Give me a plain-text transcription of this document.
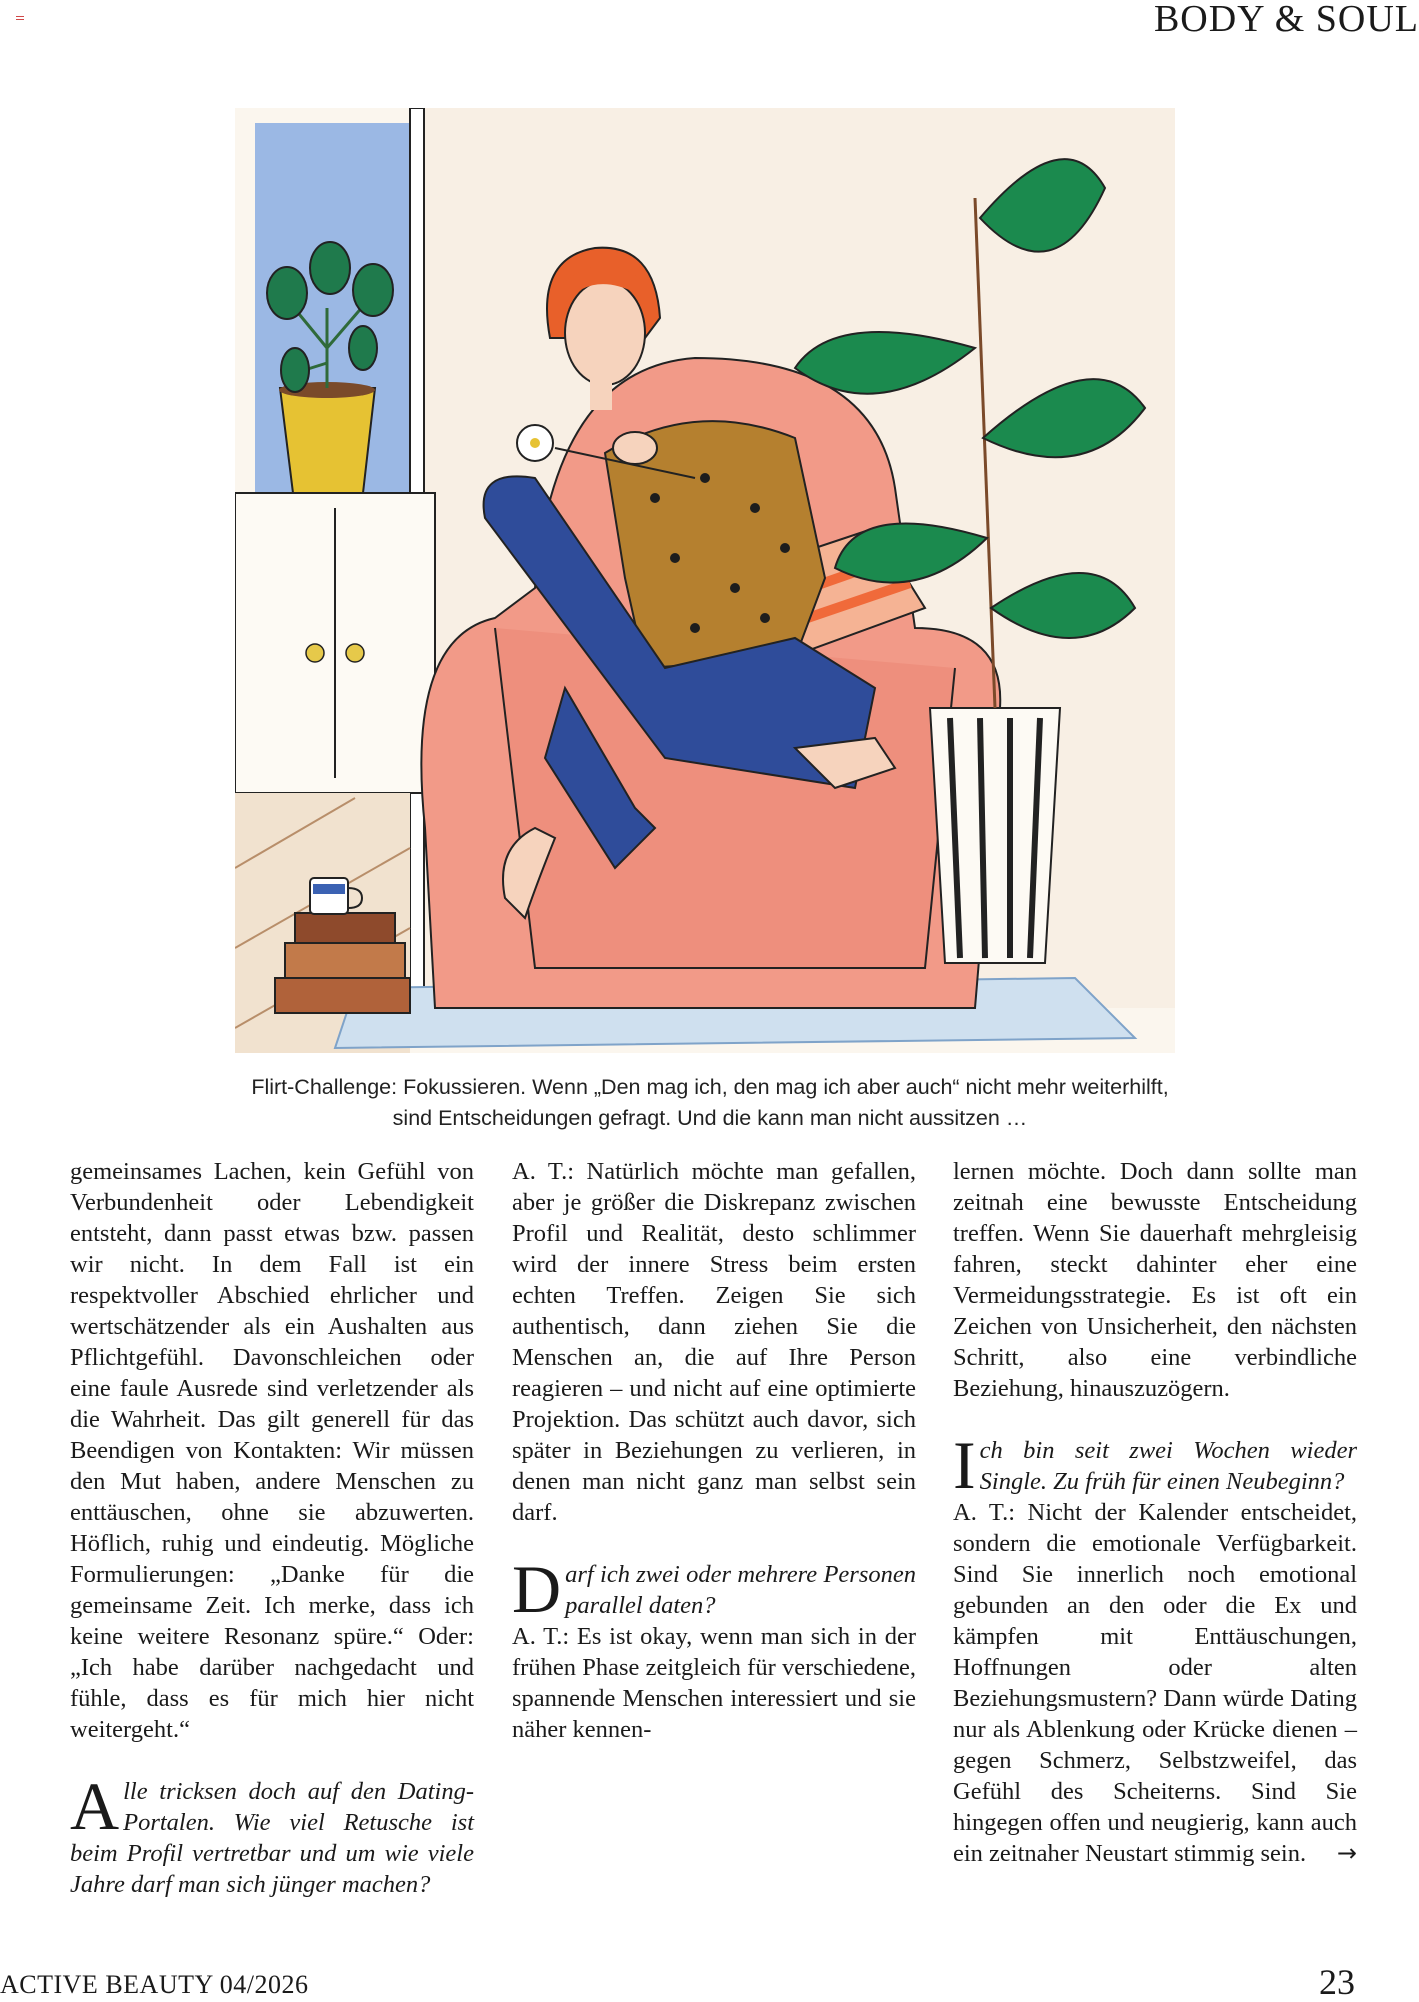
BODY & SOUL
Flirt-Challenge: Fokussieren. Wenn „Den mag ich, den mag ich aber auch“ nicht mehr weiterhilft,
sind Entscheidungen gefragt. Und die kann man nicht aussitzen …

gemeinsames Lachen, kein Gefühl von Verbundenheit oder Lebendigkeit entsteht, dann passt etwas bzw. passen wir nicht. In dem Fall ist ein respektvoller Abschied ehrlicher und wertschätzender als ein Aushalten aus Pflichtgefühl. Davonschleichen oder eine faule Ausrede sind verletzender als die Wahrheit. Das gilt generell für das Beendigen von Kontakten: Wir müssen den Mut haben, andere Menschen zu enttäuschen, ohne sie abzuwerten. Höflich, ruhig und eindeutig. Mögliche Formulierungen: „Danke für die gemeinsame Zeit. Ich merke, dass ich keine weitere Resonanz spüre.“ Oder: „Ich habe darüber nachgedacht und fühle, dass es für mich hier nicht weitergeht.“

Alle tricksen doch auf den Dating-Portalen. Wie viel Retusche ist beim Profil vertretbar und um wie viele Jahre darf man sich jünger machen?

A. T.: Natürlich möchte man gefallen, aber je größer die Diskrepanz zwischen Profil und Realität, desto schlimmer wird der innere Stress beim ersten echten Treffen. Zeigen Sie sich authentisch, dann ziehen Sie die Menschen an, die auf Ihre Person reagieren – und nicht auf eine optimierte Projektion. Das schützt auch davor, sich später in Beziehungen zu verlieren, in denen man nicht ganz man selbst sein darf.

Darf ich zwei oder mehrere Personen parallel daten?

A. T.: Es ist okay, wenn man sich in der frühen Phase zeitgleich für verschiedene, spannende Menschen interessiert und sie näher kennen-

lernen möchte. Doch dann sollte man zeitnah eine bewusste Entscheidung treffen. Wenn Sie dauerhaft mehrgleisig fahren, steckt dahinter eher eine Vermeidungsstrategie. Es ist oft ein Zeichen von Unsicherheit, den nächsten Schritt, also eine verbindliche Beziehung, hinauszuzögern.

Ich bin seit zwei Wochen wieder Single. Zu früh für einen Neubeginn?

A. T.: Nicht der Kalender entscheidet, sondern die emotionale Verfügbarkeit. Sind Sie innerlich noch emotional gebunden an den oder die Ex und kämpfen mit Enttäuschungen, Hoffnungen oder alten Beziehungsmustern? Dann würde Dating nur als Ablenkung oder Krücke dienen – gegen Schmerz, Selbstzweifel, das Gefühl des Scheiterns. Sind Sie hingegen offen und neugierig, kann auch ein zeitnaher Neustart stimmig sein. →

ACTIVE BEAUTY 04/2026	23
